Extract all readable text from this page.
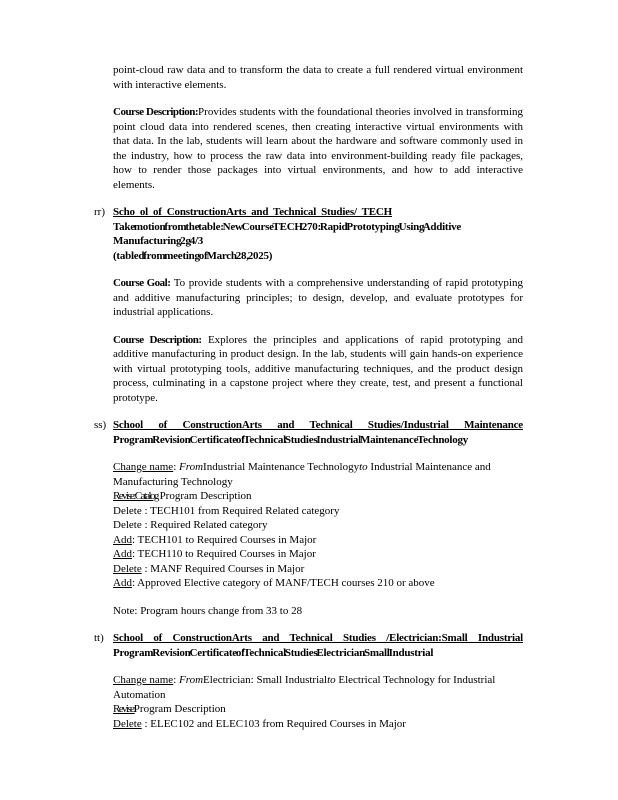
point-cloud raw data and to transform the data to create a full rendered virtual environment with interactive elements.

Course Description:Provides students with the foundational theories involved in transforming point cloud data into rendered scenes, then creating interactive virtual environments with that data. In the lab, students will learn about the hardware and software commonly used in the industry, how to process the raw data into environment-building ready file packages, how to render those packages into virtual environments, and how to add interactive elements.

rr) Scho ol of ConstructionArts and Technical Studies/ TECH
Take motion from the table: New Course TECH 270: Rapid Prototyping Using Additive
Manufacturing 2g 4/3
(tabled from meeting of March 28, 2025)

Course Goal: To provide students with a comprehensive understanding of rapid prototyping and additive manufacturing principles; to design, develop, and evaluate prototypes for industrial applications.

Course Description: Explores the principles and applications of rapid prototyping and additive manufacturing in product design. In the lab, students will gain hands-on experience with virtual prototyping tools, additive manufacturing techniques, and the product design process, culminating in a capstone project where they create, test, and present a functional prototype.

ss) School of ConstructionArts and Technical Studies/Industrial Maintenance
Program Revision Certificate of Technical Studies Industrial Maintenance Technology
Change name: FromIndustrial Maintenance Technologyto Industrial Maintenance and Manufacturing Technology
Revise:Catalog Program Description
Delete : TECH101 from Required Related category
Delete : Required Related category
Add: TECH101 to Required Courses in Major
Add: TECH110 to Required Courses in Major
Delete : MANF Required Courses in Major
Add: Approved Elective category of MANF/TECH courses 210 or above

Note: Program hours change from 33 to 28

tt) School of ConstructionArts and Technical Studies /Electrician:Small Industrial
Program Revision Certificate of Technical Studies Electrician Small Industrial
Change name: FromElectrician: Small Industrialto Electrical Technology for Industrial Automation
Revise:Program Description
Delete : ELEC102 and ELEC103 from Required Courses in Major
